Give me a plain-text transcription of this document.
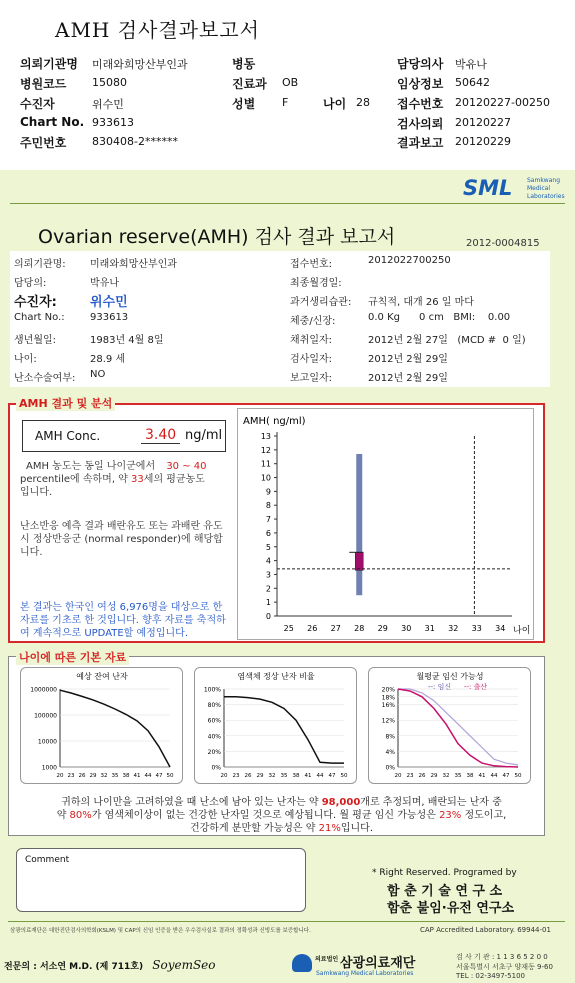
AMH 검사결과보고서
의뢰기관명 미래와희망산부인과	병동	담당의사 박유나
병원코드 15080	진료과 OB	임상정보 50642
수진자	위수민	성별 F	나이 28 접수번호 20120227-00250
Chart No. 933613	검사의뢰 20120227
주민번호 830408-2******	결과보고 20120229
SML Samkwang
Medical
Laboratories
Ovarian reserve(AMH) 검사 결과 보고서	2012-0004815
의뢰기관명: 미래와희망산부인과
담당의:	박유나
수진자:	위수민
Chart No.:	933613
생년월일:	1983년 4월 8일
나이:	28.9 세
난소수술여부: NO
접수번호:	2012022700250
최종월경일:
과거생리습관: 규칙적, 대개 26 일 마다
체중/신장:	0.0 Kg      0 cm   BMI:    0.00
채취일자:	2012년 2월 27일   (MCD #  0 일)
검사일자:	2012년 2월 29일
보고일자:	2012년 2월 29일
AMH 결과 및 분석
AMH Conc.	3.40 ng/ml
AMH 농도는 동일 나이군에서 30 ~ 40
percentile에 속하며, 약 33세의 평균농도
입니다.
난소반응 예측 결과 배란유도 또는 과배란 유도시 정상반응군 (normal responder)에 해당합니다.
본 결과는 한국인 여성 6,976명을 대상으로 한 자료를 기초로 한 것입니다. 향후 자료를 축적하여 계속적으로 UPDATE할 예정입니다.
AMH( ng/ml)
0
1
2
3
4
5
6
7
8
9
10
11
12
13
25 26 27 28 29 30 31 32 33 34 나이
나이에 따른 기본 자료
예상 잔여 난자
1000
10000
100000
1000000
20 23 26 29 32 35 38 41 44 47 50
염색체 정상 난자 비율
0%
20%
40%
60%
80%
100%
20 23 26 29 32 35 38 41 44 47 50
월평균 임신 가능성
0%
4%
8%
12%
16%
18%
20%
20 23 26 29 32 35 38 41 44 47 50
--: 임신 --: 출산
귀하의 나이만을 고려하였을 때 난소에 남아 있는 난자는 약 98,000개로 추정되며, 배란되는 난자 중
약 80%가 염색체이상이 없는 건강한 난자일 것으로 예상됩니다. 월 평균 임신 가능성은 23% 정도이고,
건강하게 분만할 가능성은 약 21%입니다.
Comment
* Right Reserved. Programed by
함 춘 기 술 연 구 소
함춘 불임·유전 연구소
삼광의료재단은 대한진단검사의학회(KSLM) 및 CAP의 신임 인증을 받은 우수검사실로 결과의 정확성과 신빙도를 보증합니다.	CAP Accredited Laboratory. 69944-01
전문의 : 서소연 M.D. (제 711호) SoyemSeo	의료법인 삼광의료재단
Samkwang Medical Laboratories
검 사 기 관 : 1 1 3 6 5 2 0 0
서울특별시 서초구 양재동 9-60
TEL : 02-3497-5100
